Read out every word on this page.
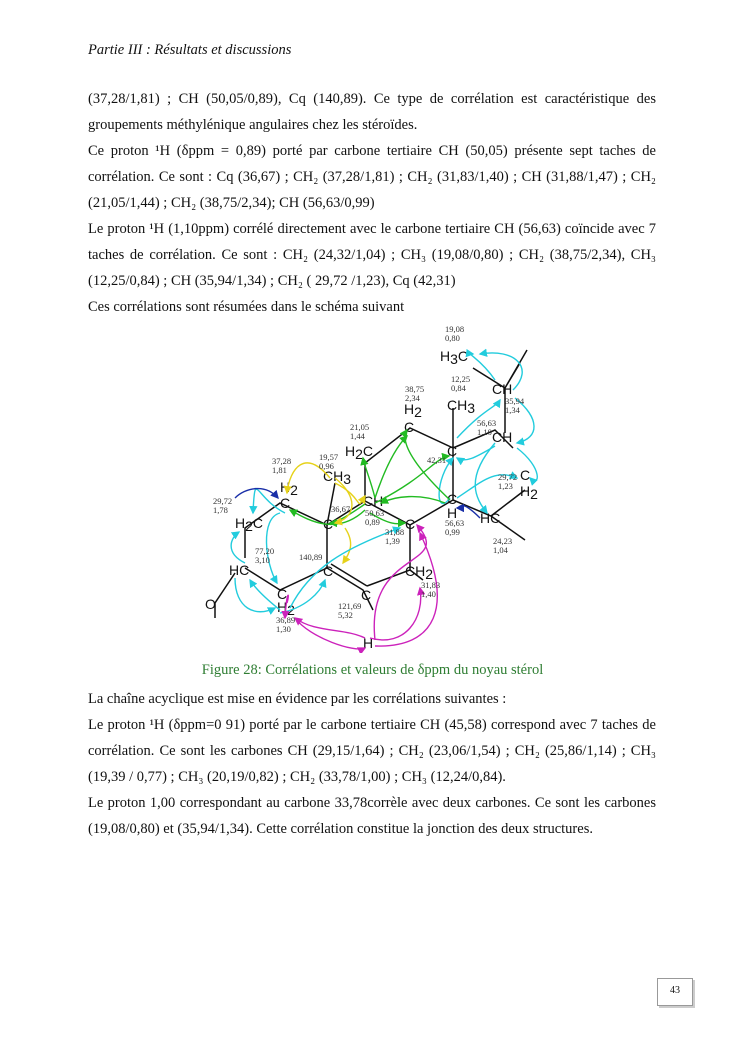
Partie III : Résultats et discussions

(37,28/1,81) ; CH (50,05/0,89), Cq (140,89). Ce type de corrélation est caractéristique des groupements méthylénique angulaires chez les stéroïdes.

Ce proton ¹H (δppm = 0,89) porté par carbone tertiaire CH (50,05) présente sept taches de corrélation. Ce sont : Cq (36,67) ; CH₂ (37,28/1,81) ; CH₂ (31,83/1,40) ; CH (31,88/1,47) ; CH₂ (21,05/1,44) ; CH₂ (38,75/2,34); CH (56,63/0,99)

Le proton ¹H (1,10ppm) corrélé directement avec le carbone tertiaire CH (56,63) coïncide avec 7 taches de corrélation. Ce sont : CH₂ (24,32/1,04) ; CH₃ (19,08/0,80) ; CH₂ (38,75/2,34), CH₃ (12,25/0,84) ; CH (35,94/1,34) ; CH₂ ( 29,72 /1,23), Cq (42,31)

Ces corrélations sont résumées dans le schéma suivant

H3C
CH
CH3
H2
C
CH
H2C	C
C
H2
H2
CH3
C	CH	C
H HC
H2C	C	C
HC	C	CH2
O
C
H2
C
H
19,08 0,80
12,25 0,84
38,75 2,34	35,94 1,34
56,63 1,10
21,05 1,44
42,31
37,28 1,81
19,57 0,96
29,72 1,23
29,72 1,78	36,67 50,63 0,89
31,88 1,39
56,63 0,99
24,23 1,04
77,20 3,10	140,89
31,83 1,40
121,69 5,32
36,89 1,30
Figure 28: Corrélations et valeurs de δppm du noyau stérol

La chaîne acyclique est mise en évidence par les corrélations suivantes :

Le proton ¹H (δppm=0 91) porté par le carbone tertiaire CH (45,58) correspond avec 7 taches de corrélation. Ce sont les carbones CH (29,15/1,64) ; CH₂ (23,06/1,54) ; CH₂ (25,86/1,14) ; CH₃ (19,39 / 0,77) ; CH₃ (20,19/0,82) ; CH₂ (33,78/1,00) ; CH₃ (12,24/0,84).

Le proton 1,00 correspondant au carbone 33,78corrèle avec deux carbones. Ce sont les carbones (19,08/0,80) et (35,94/1,34). Cette corrélation constitue la jonction des deux structures.

43
